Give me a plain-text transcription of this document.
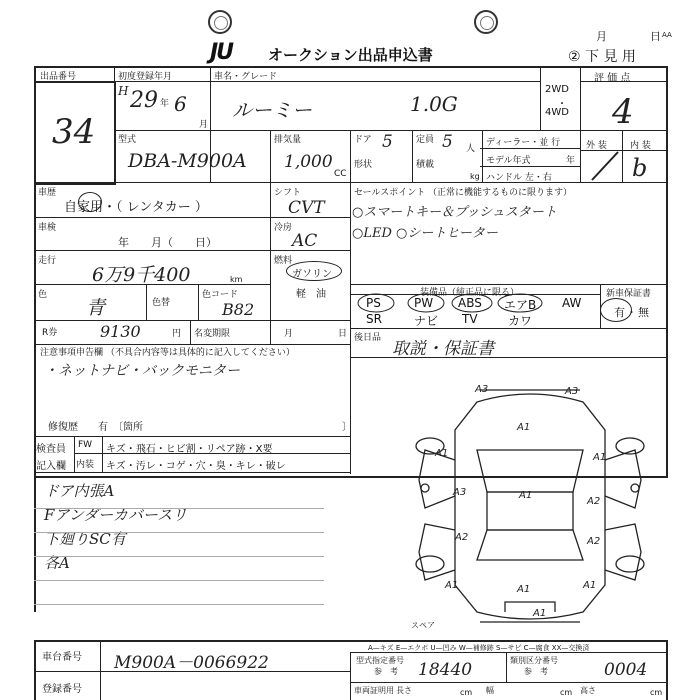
JU オークション出品申込書
月	日 AA
② 下 見 用
出品番号
34
初度登録年月
H 29 年 6
月
車名・グレード
ルーミー	1.0G
2WD
・
4WD
評 価 点
4
型式
DBA-M900A
排気量
1,000
CC
ドア 5	定員 5 人
形状	積載
kg
ディーラー・並 行
モデル年式	年
ハンドル 左・右
外 装	内 装
b
車歴
自家用・（ レンタカー ）
シフト
CVT
セールスポイント （正常に機能するものに限ります）
○スマートキー＆プッシュスタート
○LED ○シートヒーター
車検
年　　月（　　日）
冷房
AC
走行
6万9千400	km
燃料
ガソリン
軽　油
色
青	色替
色コード
B82
装備品（純正品に限る）	新車保証書
PS	PW ABS エアB AW
SR	ナビ TV	カワ
有 ・ 無
R券	9130	円 名変期限	月	日 後日品
取説・保証書
注意事項申告欄 （不具合内容等は具体的に記入してください）
・ネットナビ・バックモニター
修復歴　　有　〔箇所	〕
検査員
記入欄
FW キズ・飛石・ヒビ割・リペア跡・X要
内装 キズ・汚レ・コゲ・穴・臭・キレ・破レ
ドア内張A
Fアンダーカバースリ
下廻りSC有
各A
A3	A3
A1
A1
A3
A1
A2
A2	A2
A1	A1	A1
A1
A1
スペア
A—キズ E—エクボ U—凹み W—補修跡 S—サビ C—腐食 XX—交換済
車台番号 M900A－0066922
登録番号
型式指定番号
参　考 18440	類別区分番号
参　考	0004
車両証明用 長さ	cm 幅	cm 高さ	cm
